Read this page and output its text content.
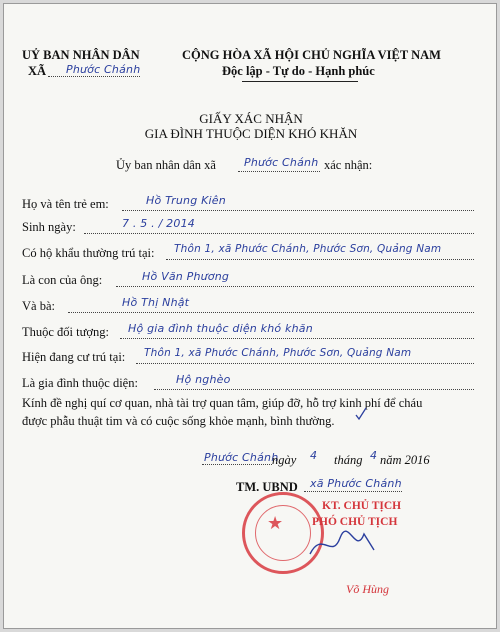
UỶ BAN NHÂN DÂN
XÃ Phước Chánh
CỘNG HÒA XÃ HỘI CHỦ NGHĨA VIỆT NAM
Độc lập - Tự do - Hạnh phúc
GIẤY XÁC NHẬN
GIA ĐÌNH THUỘC DIỆN KHÓ KHĂN
Ủy ban nhân dân xã	Phước Chánh xác nhận:
Họ và tên trẻ em:	Hồ Trung Kiên
Sinh ngày:	7 . 5 . / 2014
Có hộ khẩu thường trú tại: Thôn 1, xã Phước Chánh, Phước Sơn, Quảng Nam
Là con của ông:	Hồ Văn Phương
Và bà:	Hồ Thị Nhật
Thuộc đối tượng: Hộ gia đình thuộc diện khó khăn
Hiện đang cư trú tại: Thôn 1, xã Phước Chánh, Phước Sơn, Quảng Nam
Là gia đình thuộc diện:	Hộ nghèo
Kính đề nghị quí cơ quan, nhà tài trợ quan tâm, giúp đỡ, hỗ trợ kinh phí để cháu
được phẫu thuật tim và có cuộc sống khỏe mạnh, bình thường.
Phước Chánh
ngày 4 tháng 4 năm 2016
TM. UBND xã Phước Chánh
★
KT. CHỦ TỊCH
PHÓ CHỦ TỊCH
Võ Hùng
